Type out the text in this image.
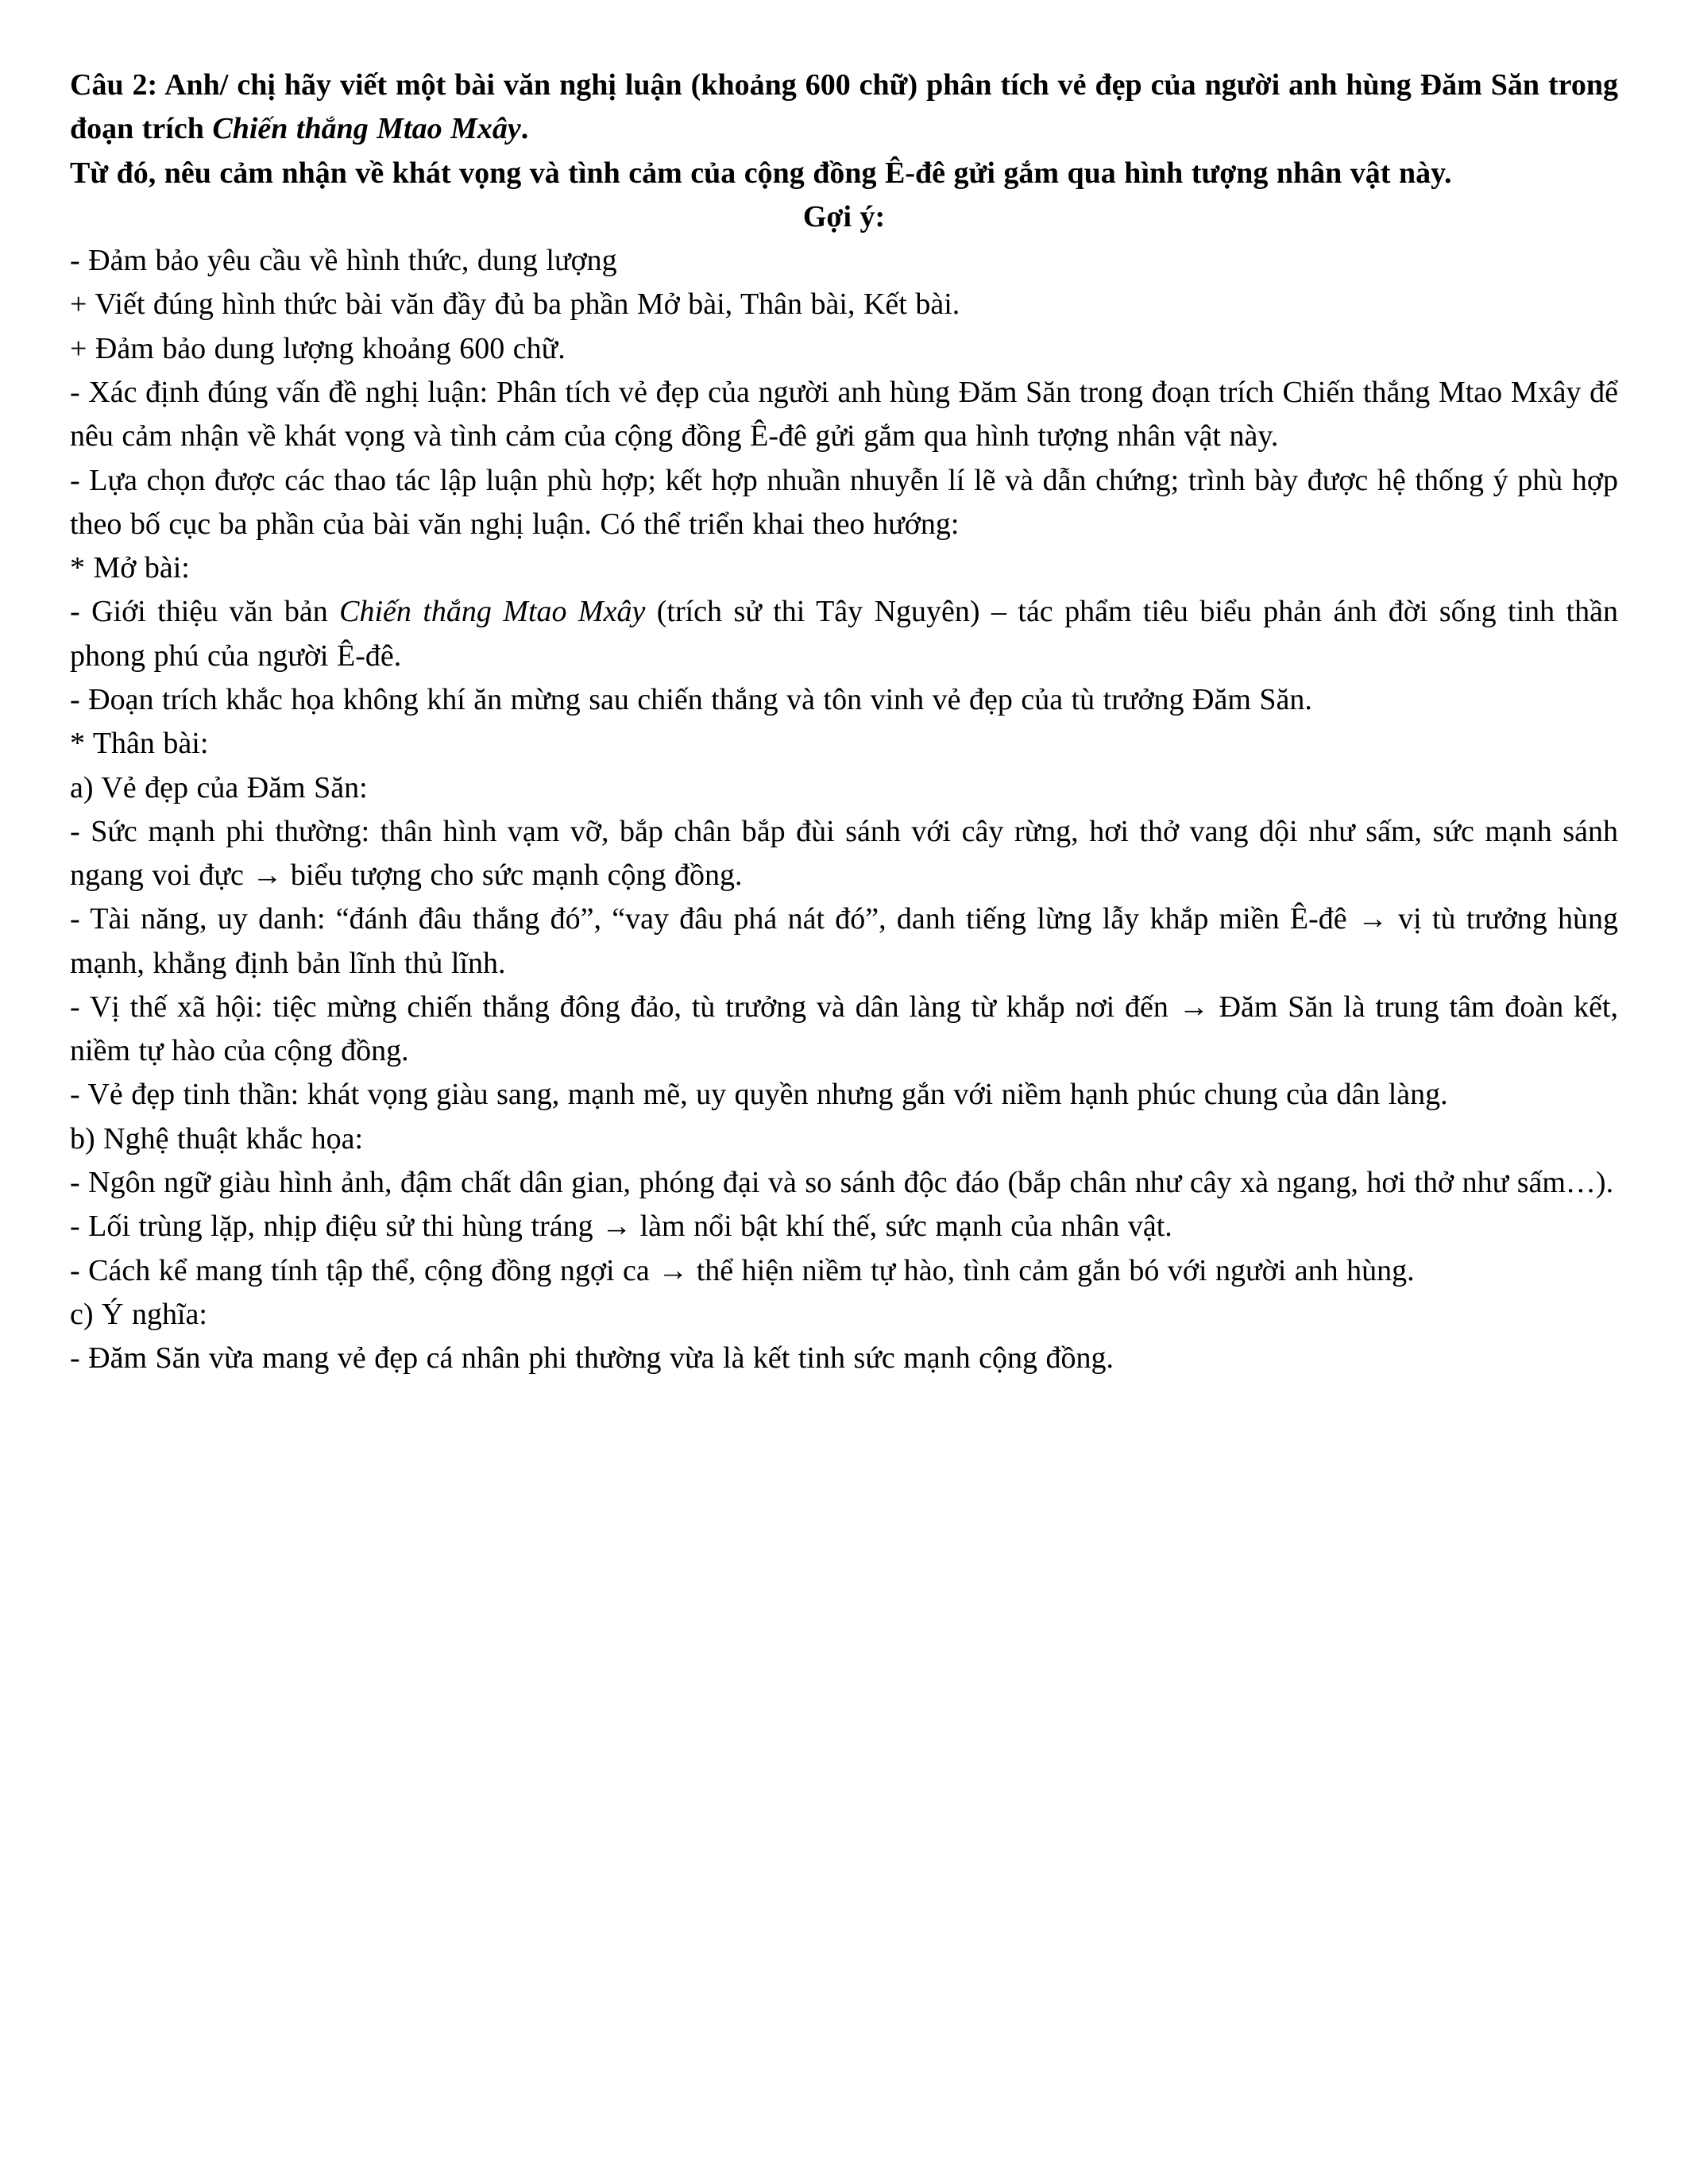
Câu 2: Anh/ chị hãy viết một bài văn nghị luận (khoảng 600 chữ) phân tích vẻ đẹp của người anh hùng Đăm Săn trong đoạn trích Chiến thắng Mtao Mxây.

Từ đó, nêu cảm nhận về khát vọng và tình cảm của cộng đồng Ê-đê gửi gắm qua hình tượng nhân vật này.

Gợi ý:

- Đảm bảo yêu cầu về hình thức, dung lượng

+ Viết đúng hình thức bài văn đầy đủ ba phần Mở bài, Thân bài, Kết bài.

+ Đảm bảo dung lượng khoảng 600 chữ.

- Xác định đúng vấn đề nghị luận: Phân tích vẻ đẹp của người anh hùng Đăm Săn trong đoạn trích Chiến thắng Mtao Mxây để nêu cảm nhận về khát vọng và tình cảm của cộng đồng Ê-đê gửi gắm qua hình tượng nhân vật này.

- Lựa chọn được các thao tác lập luận phù hợp; kết hợp nhuần nhuyễn lí lẽ và dẫn chứng; trình bày được hệ thống ý phù hợp theo bố cục ba phần của bài văn nghị luận. Có thể triển khai theo hướng:

* Mở bài:

- Giới thiệu văn bản Chiến thắng Mtao Mxây (trích sử thi Tây Nguyên) – tác phẩm tiêu biểu phản ánh đời sống tinh thần phong phú của người Ê-đê.

- Đoạn trích khắc họa không khí ăn mừng sau chiến thắng và tôn vinh vẻ đẹp của tù trưởng Đăm Săn.

* Thân bài:

a) Vẻ đẹp của Đăm Săn:

- Sức mạnh phi thường: thân hình vạm vỡ, bắp chân bắp đùi sánh với cây rừng, hơi thở vang dội như sấm, sức mạnh sánh ngang voi đực → biểu tượng cho sức mạnh cộng đồng.

- Tài năng, uy danh: “đánh đâu thắng đó”, “vay đâu phá nát đó”, danh tiếng lừng lẫy khắp miền Ê-đê → vị tù trưởng hùng mạnh, khẳng định bản lĩnh thủ lĩnh.

- Vị thế xã hội: tiệc mừng chiến thắng đông đảo, tù trưởng và dân làng từ khắp nơi đến → Đăm Săn là trung tâm đoàn kết, niềm tự hào của cộng đồng.

- Vẻ đẹp tinh thần: khát vọng giàu sang, mạnh mẽ, uy quyền nhưng gắn với niềm hạnh phúc chung của dân làng.

b) Nghệ thuật khắc họa:

- Ngôn ngữ giàu hình ảnh, đậm chất dân gian, phóng đại và so sánh độc đáo (bắp chân như cây xà ngang, hơi thở như sấm…).

- Lối trùng lặp, nhịp điệu sử thi hùng tráng → làm nổi bật khí thế, sức mạnh của nhân vật.

- Cách kể mang tính tập thể, cộng đồng ngợi ca → thể hiện niềm tự hào, tình cảm gắn bó với người anh hùng.

c) Ý nghĩa:

- Đăm Săn vừa mang vẻ đẹp cá nhân phi thường vừa là kết tinh sức mạnh cộng đồng.
